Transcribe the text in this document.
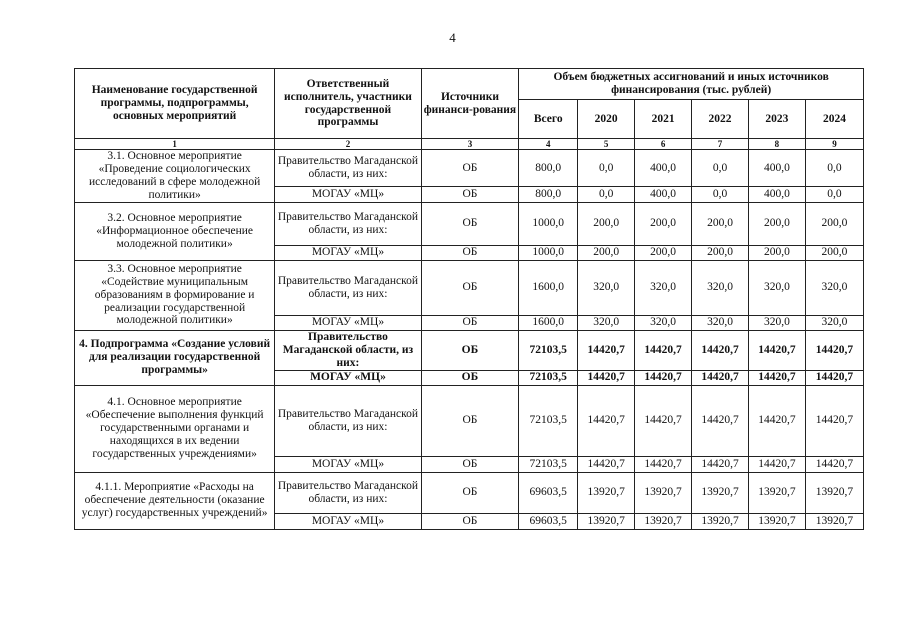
4
Наименование государственной программы, подпрограммы, основных мероприятий	Ответственный исполнитель, участники государственной программы	Источники финанси-рования	Объем бюджетных ассигнований и иных источников финансирования (тыс. рублей)					
			Всего	2020	2021	2022	2023	2024
1	2	3	4	5	6	7	8	9
3.1. Основное мероприятие «Проведение социологических исследований в сфере молодежной политики»	Правительство Магаданской области, из них:	ОБ	800,0	0,0	400,0	0,0	400,0	0,0
	МОГАУ «МЦ»	ОБ	800,0	0,0	400,0	0,0	400,0	0,0
3.2. Основное мероприятие «Информационное обеспечение молодежной политики»	Правительство Магаданской области, из них:	ОБ	1000,0	200,0	200,0	200,0	200,0	200,0
	МОГАУ «МЦ»	ОБ	1000,0	200,0	200,0	200,0	200,0	200,0
3.3. Основное мероприятие «Содействие муниципальным образованиям в формирование и реализации государственной молодежной политики»	Правительство Магаданской области, из них:	ОБ	1600,0	320,0	320,0	320,0	320,0	320,0
	МОГАУ «МЦ»	ОБ	1600,0	320,0	320,0	320,0	320,0	320,0
4. Подпрограмма «Создание условий для реализации государственной программы»	Правительство Магаданской области, из них:	ОБ	72103,5	14420,7	14420,7	14420,7	14420,7	14420,7
	МОГАУ «МЦ»	ОБ	72103,5	14420,7	14420,7	14420,7	14420,7	14420,7
4.1. Основное мероприятие «Обеспечение выполнения функций государственными органами и находящихся в их ведении государственных учреждениями»	Правительство Магаданской области, из них:	ОБ	72103,5	14420,7	14420,7	14420,7	14420,7	14420,7
	МОГАУ «МЦ»	ОБ	72103,5	14420,7	14420,7	14420,7	14420,7	14420,7
4.1.1. Мероприятие «Расходы на обеспечение деятельности (оказание услуг) государственных учреждений»	Правительство Магаданской области, из них:	ОБ	69603,5	13920,7	13920,7	13920,7	13920,7	13920,7
	МОГАУ «МЦ»	ОБ	69603,5	13920,7	13920,7	13920,7	13920,7	13920,7
